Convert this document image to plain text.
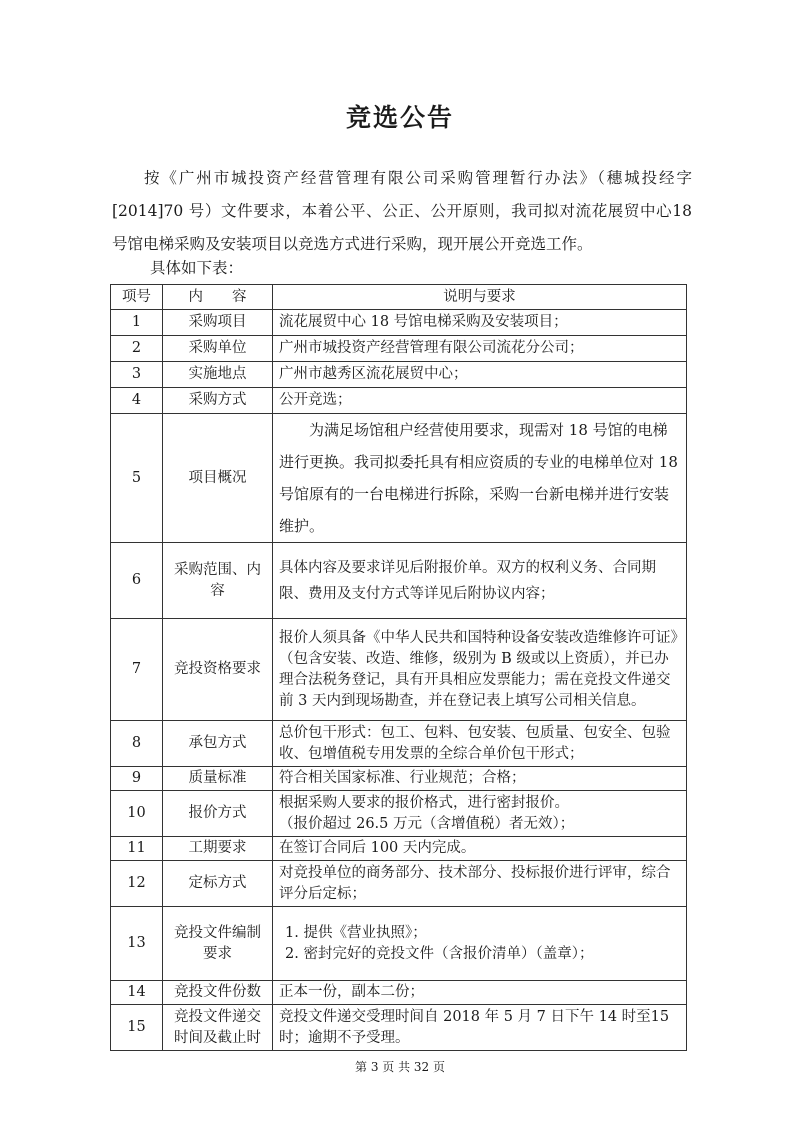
竞选公告
按《广州市城投资产经营管理有限公司采购管理暂行办法》（穗城投经字[2014]70 号）文件要求，本着公平、公正、公开原则，我司拟对流花展贸中心18 号馆电梯采购及安装项目以竞选方式进行采购，现开展公开竞选工作。
具体如下表：
项号	内　　容	说明与要求
1	采购项目	流花展贸中心 18 号馆电梯采购及安装项目；
2	采购单位	广州市城投资产经营管理有限公司流花分公司；
3	实施地点	广州市越秀区流花展贸中心；
4	采购方式	公开竞选；
5	项目概况	为满足场馆租户经营使用要求，现需对 18 号馆的电梯进行更换。我司拟委托具有相应资质的专业的电梯单位对 18 号馆原有的一台电梯进行拆除，采购一台新电梯并进行安装维护。
6	采购范围、内容	具体内容及要求详见后附报价单。双方的权利义务、合同期限、费用及支付方式等详见后附协议内容；
7	竞投资格要求	报价人须具备《中华人民共和国特种设备安装改造维修许可证》（包含安装、改造、维修，级别为 B 级或以上资质），并已办理合法税务登记，具有开具相应发票能力；需在竞投文件递交前 3 天内到现场勘查，并在登记表上填写公司相关信息。
8	承包方式	总价包干形式：包工、包料、包安装、包质量、包安全、包验收、包增值税专用发票的全综合单价包干形式；
9	质量标准	符合相关国家标准、行业规范；合格；
10	报价方式	根据采购人要求的报价格式，进行密封报价。
（报价超过 26.5 万元（含增值税）者无效）；

11	工期要求	在签订合同后 100 天内完成。
12	定标方式	对竞投单位的商务部分、技术部分、投标报价进行评审，综合评分后定标；
13	竞投文件编制要求	1. 提供《营业执照》；
2. 密封完好的竞投文件（含报价清单）（盖章）；

14	竞投文件份数	正本一份，副本二份；
15	竞投文件递交时间及截止时	竞投文件递交受理时间自 2018 年 5 月 7 日下午 14 时至15 时；逾期不予受理。
第 3 页 共 32 页
